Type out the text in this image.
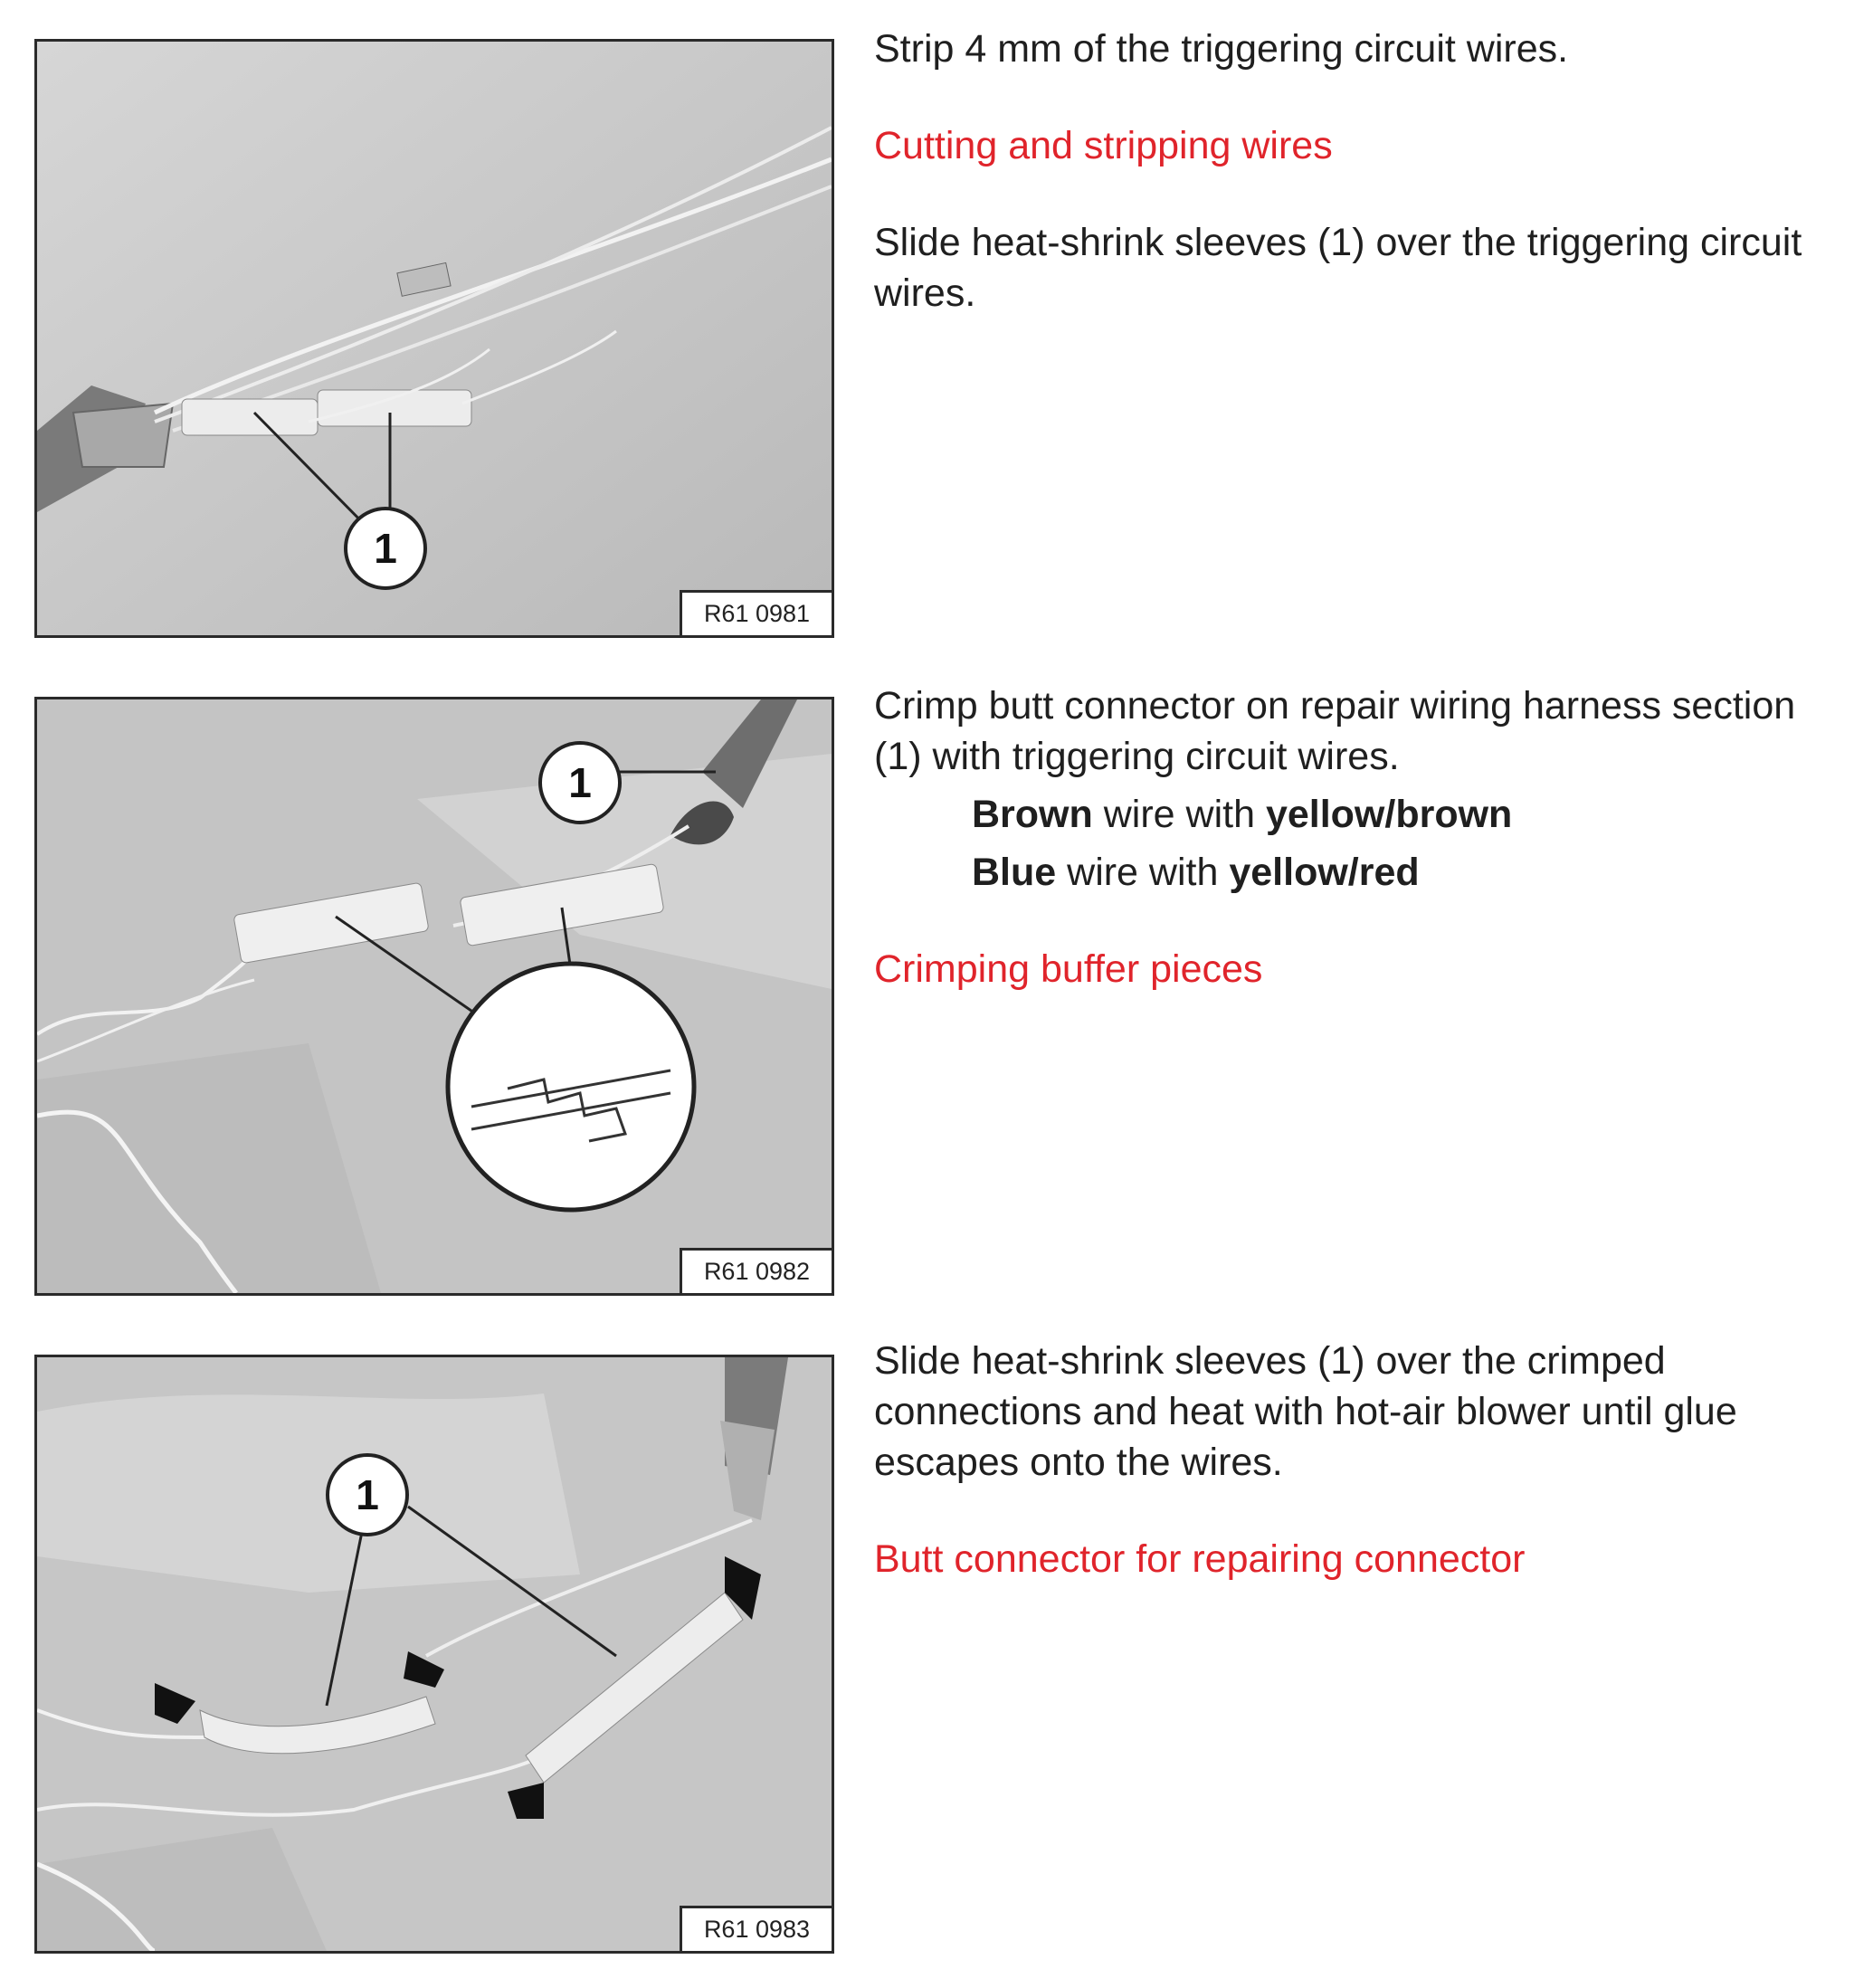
1
R61 0981

Strip 4 mm of the triggering circuit wires.

Cutting and stripping wires

Slide heat-shrink sleeves (1) over the triggering circuit wires.

1
R61 0982

Crimp butt connector on repair wiring harness section (1) with triggering circuit wires.

Brown wire with yellow/brown

Blue wire with yellow/red

Crimping buffer pieces

1
R61 0983

Slide heat-shrink sleeves (1) over the crimped connections and heat with hot-air blower until glue escapes onto the wires.

Butt connector for repairing connector
